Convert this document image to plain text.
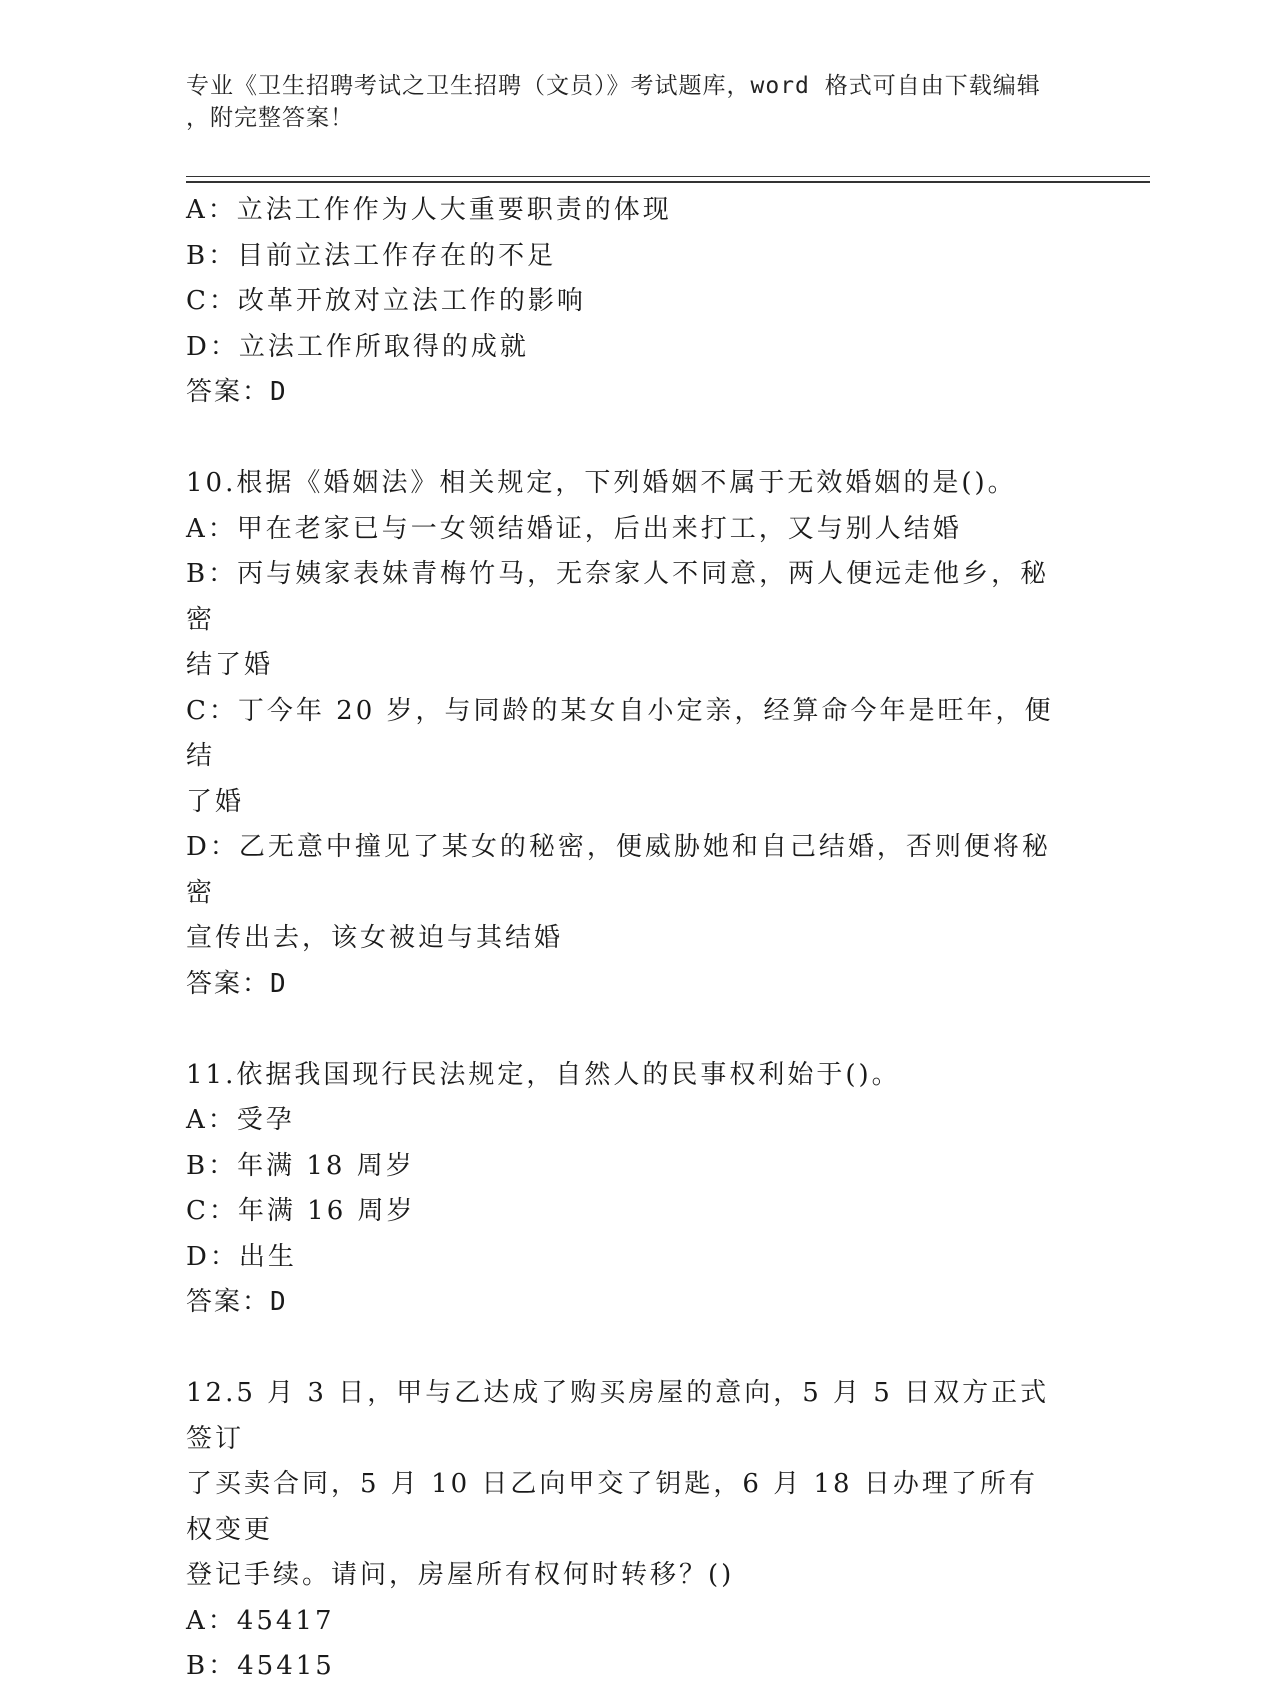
专业《卫生招聘考试之卫生招聘（文员）》考试题库，word 格式可自由下载编辑
，附完整答案！
A：立法工作作为人大重要职责的体现
B：目前立法工作存在的不足
C：改革开放对立法工作的影响
D：立法工作所取得的成就
答案：D
10.根据《婚姻法》相关规定，下列婚姻不属于无效婚姻的是()。
A：甲在老家已与一女领结婚证，后出来打工，又与别人结婚
B：丙与姨家表妹青梅竹马，无奈家人不同意，两人便远走他乡，秘密
结了婚
C：丁今年 20 岁，与同龄的某女自小定亲，经算命今年是旺年，便结
了婚
D：乙无意中撞见了某女的秘密，便威胁她和自己结婚，否则便将秘密
宣传出去，该女被迫与其结婚
答案：D
11.依据我国现行民法规定，自然人的民事权利始于()。
A：受孕
B：年满 18 周岁
C：年满 16 周岁
D：出生
答案：D
12.5 月 3 日，甲与乙达成了购买房屋的意向，5 月 5 日双方正式签订
了买卖合同，5 月 10 日乙向甲交了钥匙，6 月 18 日办理了所有权变更
登记手续。请问，房屋所有权何时转移？()
A：45417
B：45415
